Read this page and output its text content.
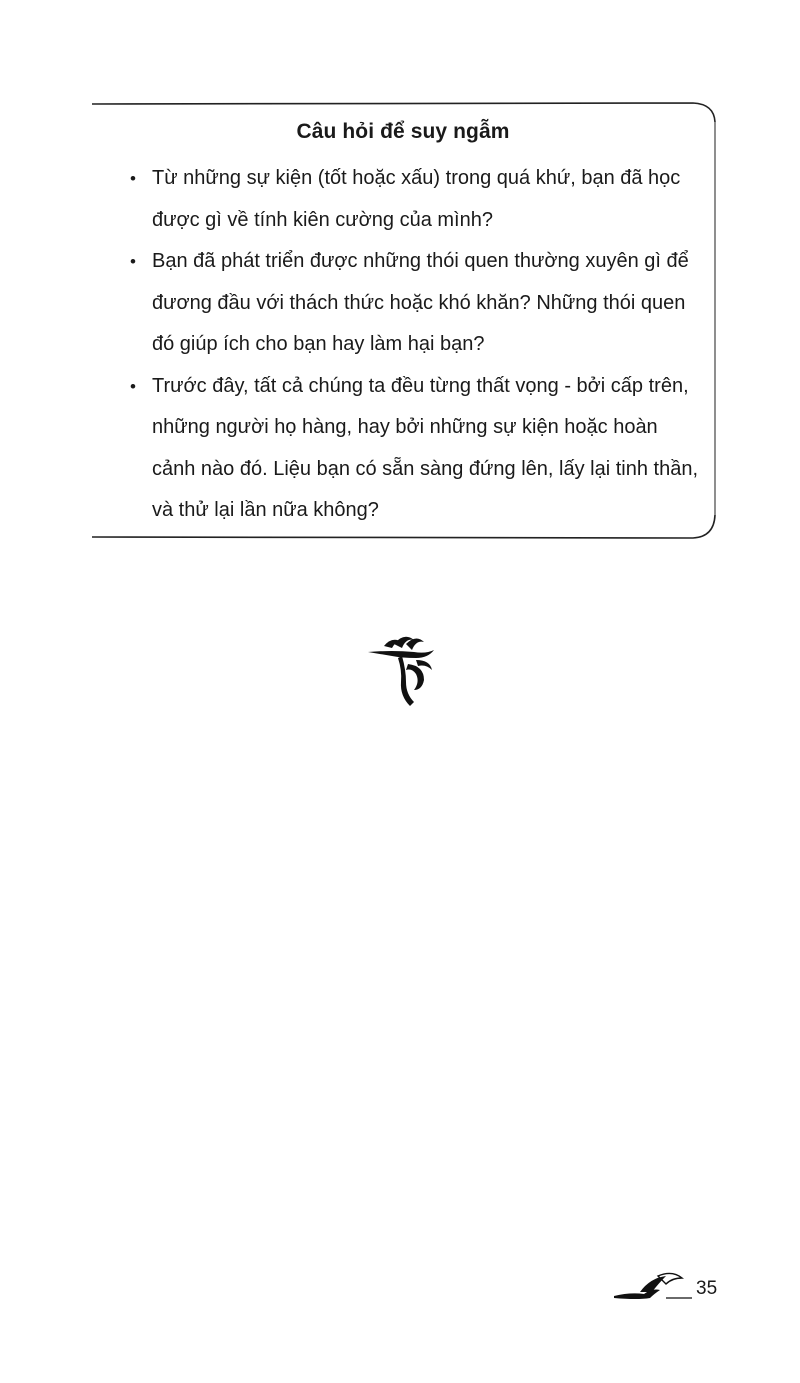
Câu hỏi để suy ngẫm
• Từ những sự kiện (tốt hoặc xấu) trong quá khứ, bạn đã học được gì về tính kiên cường của mình?
• Bạn đã phát triển được những thói quen thường xuyên gì để đương đầu với thách thức hoặc khó khăn? Những thói quen đó giúp ích cho bạn hay làm hại bạn?
• Trước đây, tất cả chúng ta đều từng thất vọng - bởi cấp trên, những người họ hàng, hay bởi những sự kiện hoặc hoàn cảnh nào đó. Liệu bạn có sẵn sàng đứng lên, lấy lại tinh thần, và thử lại lần nữa không?
35
